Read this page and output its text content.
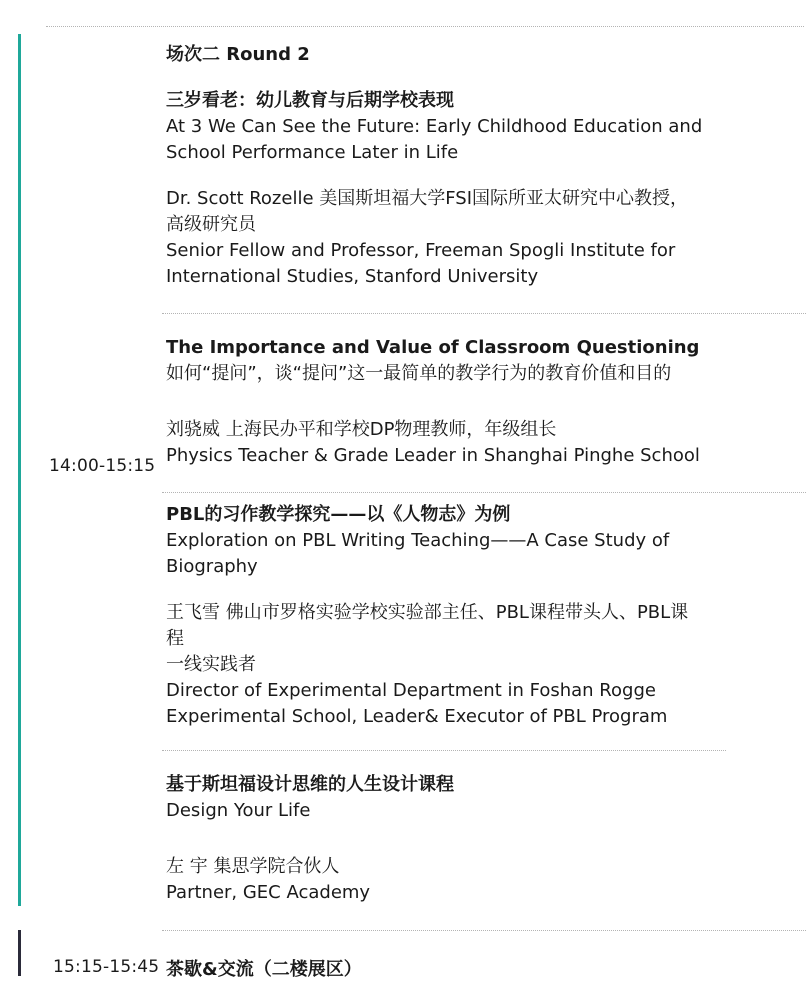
场次二 Round 2
14:00-15:15
三岁看老：幼儿教育与后期学校表现
At 3 We Can See the Future: Early Childhood Education and
School Performance Later in Life
Dr. Scott Rozelle 美国斯坦福大学FSI国际所亚太研究中心教授，
高级研究员
Senior Fellow and Professor, Freeman Spogli Institute for
International Studies, Stanford University
The Importance and Value of Classroom Questioning
如何“提问”，谈“提问”这一最简单的教学行为的教育价值和目的
刘骁威 上海民办平和学校DP物理教师，年级组长
Physics Teacher & Grade Leader in Shanghai Pinghe School
PBL的习作教学探究——以《人物志》为例
Exploration on PBL Writing Teaching——A Case Study of
Biography
王飞雪 佛山市罗格实验学校实验部主任、PBL课程带头人、PBL课
程
一线实践者
Director of Experimental Department in Foshan Rogge
Experimental School, Leader& Executor of PBL Program
基于斯坦福设计思维的人生设计课程
Design Your Life
左 宇 集思学院合伙人
Partner, GEC Academy
15:15-15:45 茶歇&交流（二楼展区）
